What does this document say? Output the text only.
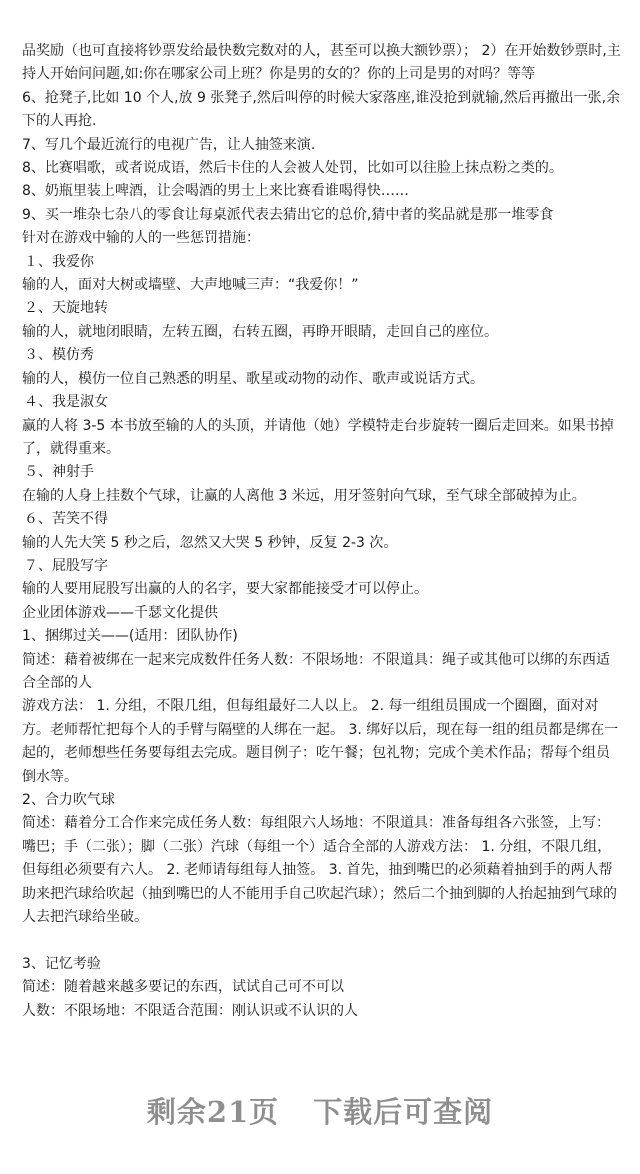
品奖励（也可直接将钞票发给最快数完数对的人，甚至可以换大额钞票）； 2）在开始数钞票时,主持人开始问问题,如:你在哪家公司上班？你是男的女的？你的上司是男的对吗？等等

6、抢凳子,比如 10 个人,放 9 张凳子,然后叫停的时候大家落座,谁没抢到就输,然后再撤出一张,余下的人再抢.

7、写几个最近流行的电视广告，让人抽签来演.

8、比赛唱歌，或者说成语，然后卡住的人会被人处罚，比如可以往脸上抹点粉之类的。

8、奶瓶里装上啤酒，让会喝酒的男士上来比赛看谁喝得快……

9、买一堆杂七杂八的零食让每桌派代表去猜出它的总价,猜中者的奖品就是那一堆零食

针对在游戏中输的人的一些惩罚措施：

１、我爱你

输的人，面对大树或墙壁、大声地喊三声：“我爱你！”

２、天旋地转

输的人，就地闭眼睛，左转五圈，右转五圈，再睁开眼睛，走回自己的座位。

３、模仿秀

输的人，模仿一位自己熟悉的明星、歌星或动物的动作、歌声或说话方式。

４、我是淑女

赢的人将 3-5 本书放至输的人的头顶，并请他（她）学模特走台步旋转一圈后走回来。如果书掉了，就得重来。

５、神射手

在输的人身上挂数个气球，让赢的人离他 3 米远，用牙签射向气球，至气球全部破掉为止。

６、苦笑不得

输的人先大笑 5 秒之后，忽然又大哭 5 秒钟，反复 2-3 次。

７、屁股写字

输的人要用屁股写出赢的人的名字，要大家都能接受才可以停止。

企业团体游戏——千瑟文化提供

1、捆绑过关——(适用：团队协作)

简述：藉着被绑在一起来完成数件任务人数：不限场地：不限道具：绳子或其他可以绑的东西适合全部的人

游戏方法： 1. 分组，不限几组，但每组最好二人以上。 2. 每一组组员围成一个圈圈，面对对方。老师帮忙把每个人的手臂与隔壁的人绑在一起。 3. 绑好以后，现在每一组的组员都是绑在一起的，老师想些任务要每组去完成。题目例子：吃午餐；包礼物；完成个美术作品；帮每个组员倒水等。

2、合力吹气球

简述：藉着分工合作来完成任务人数：每组限六人场地：不限道具：准备每组各六张签，上写：嘴巴；手（二张）；脚（二张）汽球（每组一个）适合全部的人游戏方法： 1. 分组，不限几组，但每组必须要有六人。 2. 老师请每组每人抽签。 3. 首先，抽到嘴巴的必须藉着抽到手的两人帮助来把汽球给吹起（抽到嘴巴的人不能用手自己吹起汽球）；然后二个抽到脚的人抬起抽到气球的人去把汽球给坐破。

3、记忆考验

简述：随着越来越多要记的东西，试试自己可不可以

人数：不限场地：不限适合范围：刚认识或不认识的人

剩余21页 下载后可查阅
